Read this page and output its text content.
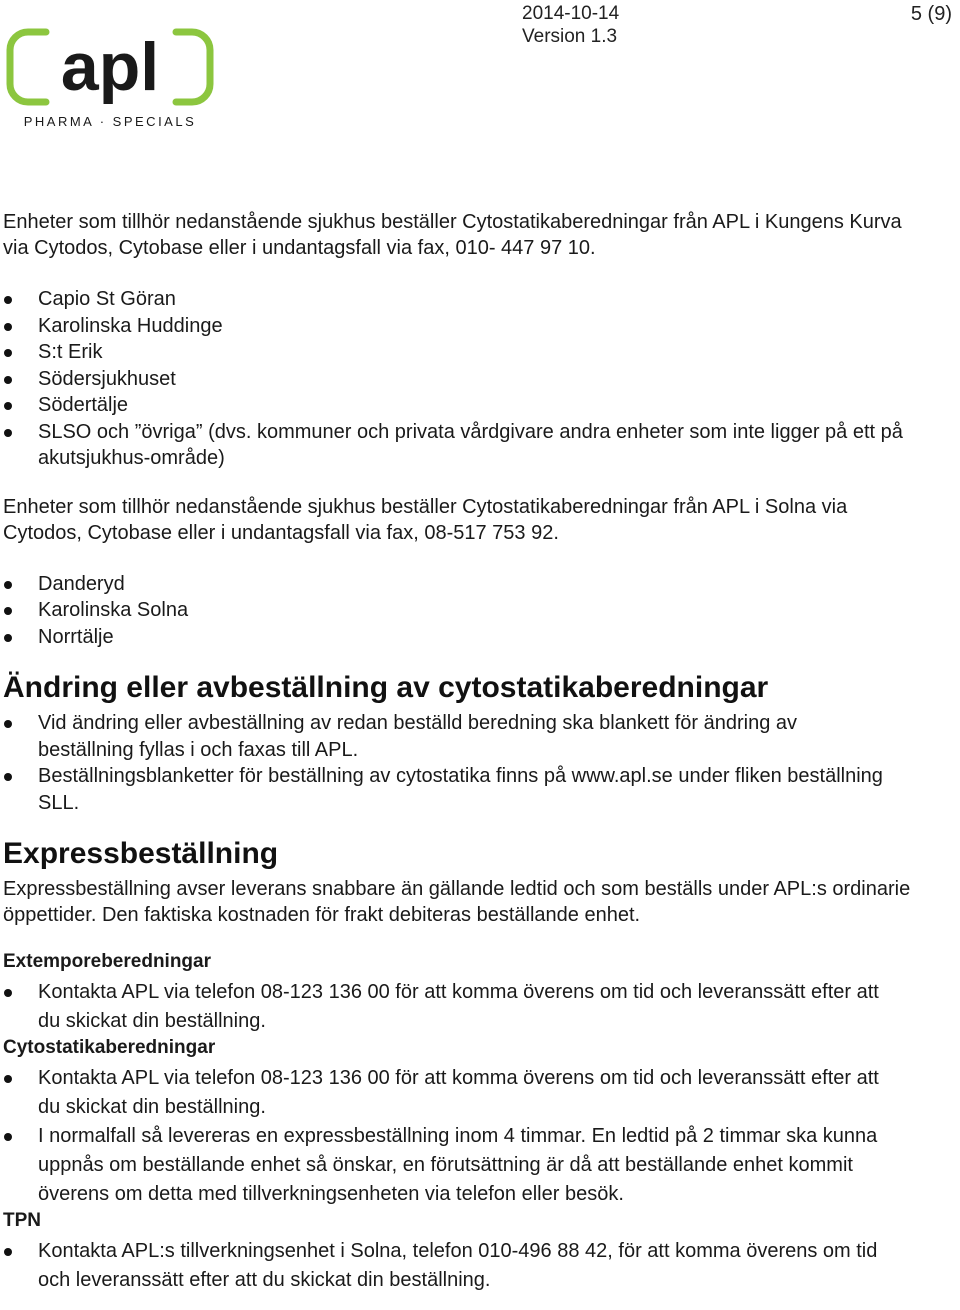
apl
PHARMA · SPECIALS
2014-10-14
Version 1.3
5 (9)

Enheter som tillhör nedanstående sjukhus beställer Cytostatikaberedningar från APL i Kungens Kurva via Cytodos, Cytobase eller i undantagsfall via fax, 010- 447 97 10.

Capio St Göran
Karolinska Huddinge
S:t Erik
Södersjukhuset
Södertälje
SLSO och ”övriga” (dvs. kommuner och privata vårdgivare andra enheter som inte ligger på ett på akutsjukhus-område)

Enheter som tillhör nedanstående sjukhus beställer Cytostatikaberedningar från APL i Solna via Cytodos, Cytobase eller i undantagsfall via fax, 08-517 753 92.

Danderyd
Karolinska Solna
Norrtälje
Ändring eller avbeställning av cytostatikaberedningar
Vid ändring eller avbeställning av redan beställd beredning ska blankett för ändring av beställning fyllas i och faxas till APL.
Beställningsblanketter för beställning av cytostatika finns på www.apl.se under fliken beställning SLL.
Expressbeställning

Expressbeställning avser leverans snabbare än gällande ledtid och som beställs under APL:s ordinarie öppettider. Den faktiska kostnaden för frakt debiteras beställande enhet.

Extemporeberedningar
Kontakta APL via telefon 08-123 136 00 för att komma överens om tid och leveranssätt efter att du skickat din beställning.
Cytostatikaberedningar
Kontakta APL via telefon 08-123 136 00 för att komma överens om tid och leveranssätt efter att du skickat din beställning.
I normalfall så levereras en expressbeställning inom 4 timmar. En ledtid på 2 timmar ska kunna uppnås om beställande enhet så önskar, en förutsättning är då att beställande enhet kommit överens om detta med tillverkningsenheten via telefon eller besök.
TPN
Kontakta APL:s tillverkningsenhet i Solna, telefon 010-496 88 42, för att komma överens om tid och leveranssätt efter att du skickat din beställning.
